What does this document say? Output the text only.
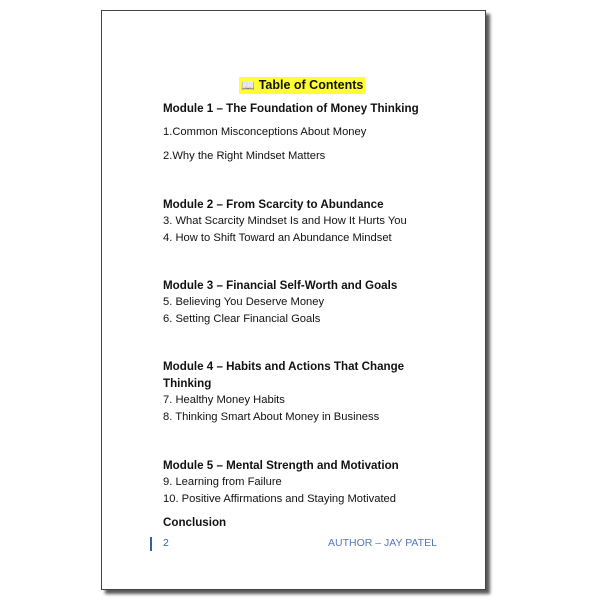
📖 Table of Contents
Module 1 – The Foundation of Money Thinking
1.Common Misconceptions About Money
2.Why the Right Mindset Matters
Module 2 – From Scarcity to Abundance
3. What Scarcity Mindset Is and How It Hurts You
4. How to Shift Toward an Abundance Mindset
Module 3 – Financial Self-Worth and Goals
5. Believing You Deserve Money
6. Setting Clear Financial Goals
Module 4 – Habits and Actions That Change
Thinking
7. Healthy Money Habits
8. Thinking Smart About Money in Business
Module 5 – Mental Strength and Motivation
9. Learning from Failure
10. Positive Affirmations and Staying Motivated
Conclusion
2	AUTHOR – JAY PATEL
